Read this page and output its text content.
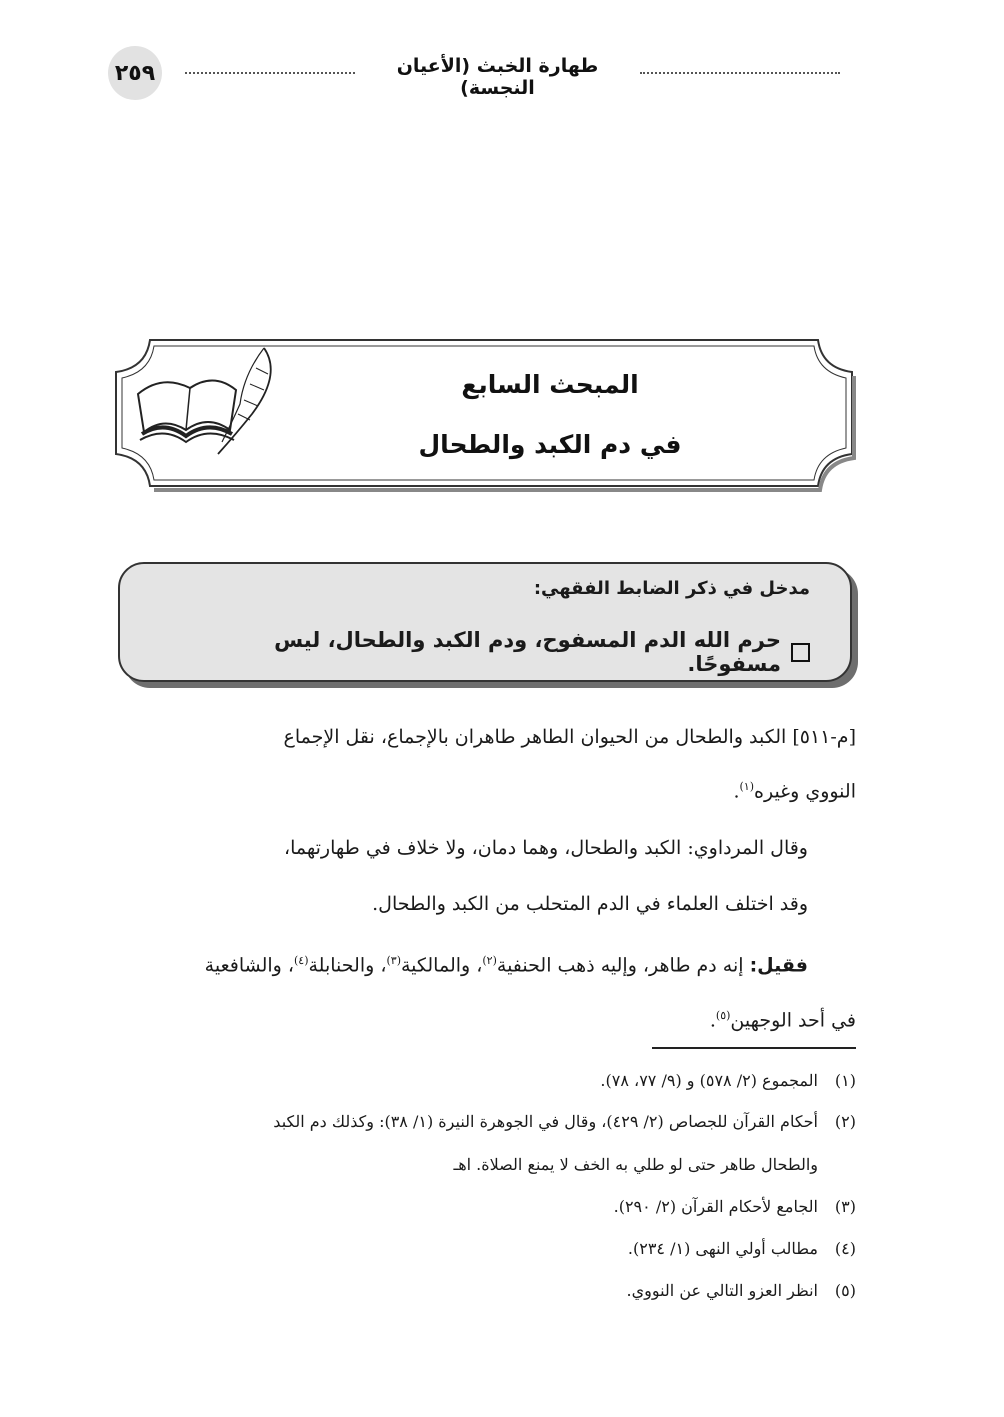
٢٥٩	طهارة الخبث (الأعيان النجسة)
المبحث السابع
في دم الكبد والطحال
مدخل في ذكر الضابط الفقهي:
حرم الله الدم المسفوح، ودم الكبد والطحال، ليس مسفوحًا.
[م-٥١١] الكبد والطحال من الحيوان الطاهر طاهران بالإجماع، نقل الإجماع
النووي وغيره$^{(١)}$.
وقال المرداوي: الكبد والطحال، وهما دمان، ولا خلاف في طهارتهما،
وقد اختلف العلماء في الدم المتحلب من الكبد والطحال.
فقيل: إنه دم طاهر، وإليه ذهب الحنفية$^{(٢)}$، والمالكية$^{(٣)}$، والحنابلة$^{(٤)}$، والشافعية
في أحد الوجهين$^{(٥)}$.
(١)المجموع (٢/ ٥٧٨) و (٩/ ٧٧، ٧٨).
(٢)أحكام القرآن للجصاص (٢/ ٤٢٩)، وقال في الجوهرة النيرة (١/ ٣٨): وكذلك دم الكبد
والطحال طاهر حتى لو طلي به الخف لا يمنع الصلاة. اهـ
(٣)الجامع لأحكام القرآن (٢/ ٢٩٠).
(٤)مطالب أولي النهى (١/ ٢٣٤).
(٥)انظر العزو التالي عن النووي.
